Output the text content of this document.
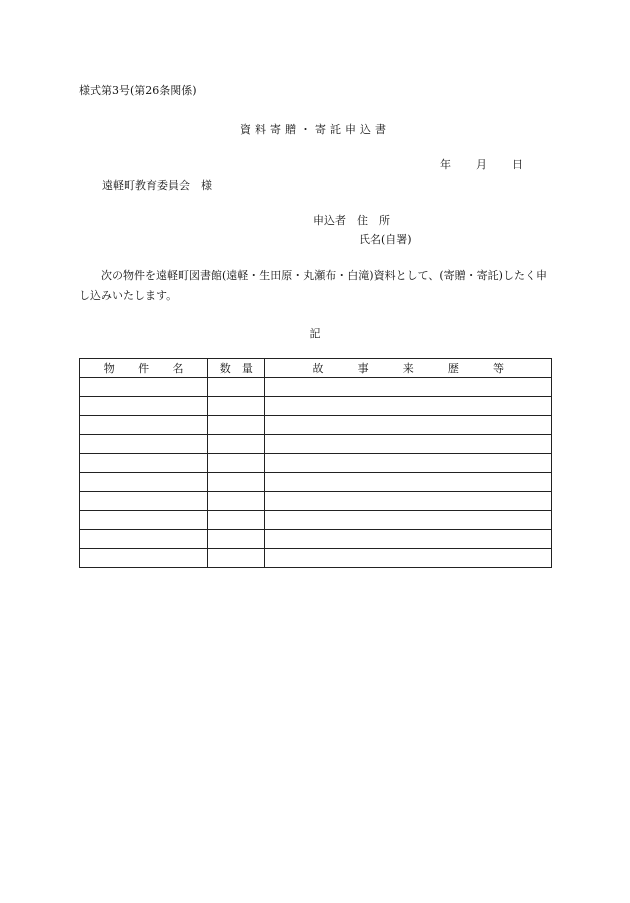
様式第3号(第26条関係)
資料寄贈・寄託申込書
年 月 日
遠軽町教育委員会　様
申込者　住　所
氏名(自署)
次の物件を遠軽町図書館(遠軽・生田原・丸瀬布・白滝)資料として、(寄贈・寄託)したく申し込みいたします。
記
物 件 名	数 量	故 事 来 歴 等
